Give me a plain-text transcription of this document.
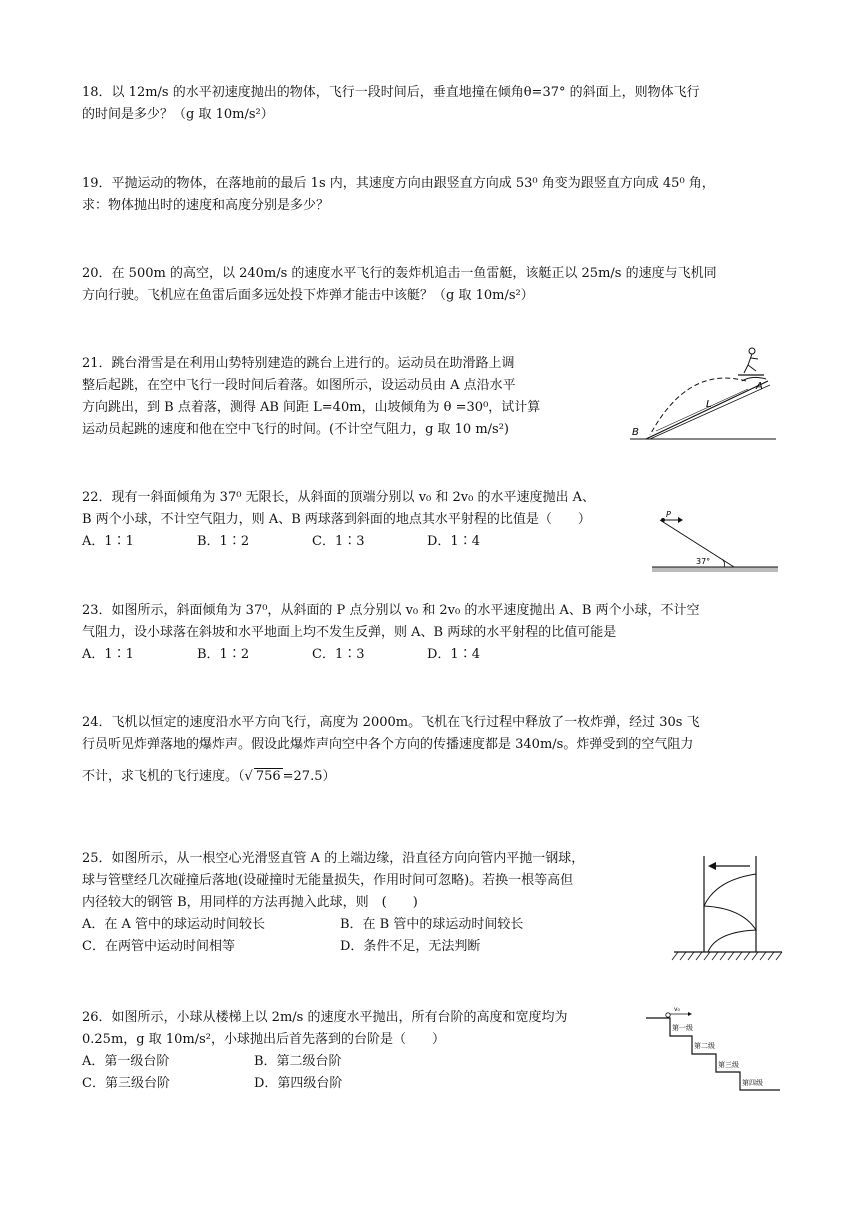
18．以 12m/s 的水平初速度抛出的物体，飞行一段时间后，垂直地撞在倾角θ=37° 的斜面上，则物体飞行

的时间是多少？（g 取 10m/s²）

19．平抛运动的物体，在落地前的最后 1s 内，其速度方向由跟竖直方向成 53⁰ 角变为跟竖直方向成 45⁰ 角，

求：物体抛出时的速度和高度分别是多少？

20．在 500m 的高空，以 240m/s 的速度水平飞行的轰炸机追击一鱼雷艇，该艇正以 25m/s 的速度与飞机同

方向行驶。飞机应在鱼雷后面多远处投下炸弹才能击中该艇？（g 取 10m/s²）

21．跳台滑雪是在利用山势特别建造的跳台上进行的。运动员在助滑路上调

整后起跳，在空中飞行一段时间后着落。如图所示，设运动员由 A 点沿水平

方向跳出，到 B 点着落，测得 AB 间距 L=40m，山坡倾角为 θ =30⁰，试计算

运动员起跳的速度和他在空中飞行的时间。(不计空气阻力，g 取 10 m/s²)

A
B
L

22．现有一斜面倾角为 37⁰ 无限长，从斜面的顶端分别以 v₀ 和 2v₀ 的水平速度抛出 A、

B 两个小球，不计空气阻力，则 A、B 两球落到斜面的地点其水平射程的比值是（　　）

A．1∶1	B．1∶2	C．1∶3	D．1∶4
P
37°

23．如图所示，斜面倾角为 37⁰，从斜面的 P 点分别以 v₀ 和 2v₀ 的水平速度抛出 A、B 两个小球，不计空

气阻力，设小球落在斜坡和水平地面上均不发生反弹，则 A、B 两球的水平射程的比值可能是

A．1∶1	B．1∶2	C．1∶3	D．1∶4

24．飞机以恒定的速度沿水平方向飞行，高度为 2000m。飞机在飞行过程中释放了一枚炸弹，经过 30s 飞

行员听见炸弹落地的爆炸声。假设此爆炸声向空中各个方向的传播速度都是 340m/s。炸弹受到的空气阻力

不计，求飞机的飞行速度。（√ 756 =27.5）

25．如图所示，从一根空心光滑竖直管 A 的上端边缘，沿直径方向向管内平抛一钢球，

球与管壁经几次碰撞后落地(设碰撞时无能量损失，作用时间可忽略)。若换一根等高但

内径较大的钢管 B，用同样的方法再抛入此球，则　(　　)

A．在 A 管中的球运动时间较长	B．在 B 管中的球运动时间较长
C．在两管中运动时间相等	D．条件不足，无法判断

26．如图所示，小球从楼梯上以 2m/s 的速度水平抛出，所有台阶的高度和宽度均为

0.25m，g 取 10m/s²，小球抛出后首先落到的台阶是（　　）

A．第一级台阶	B．第二级台阶
C．第三级台阶	D．第四级台阶
v₀
第一级
第二级
第三级
第四级
